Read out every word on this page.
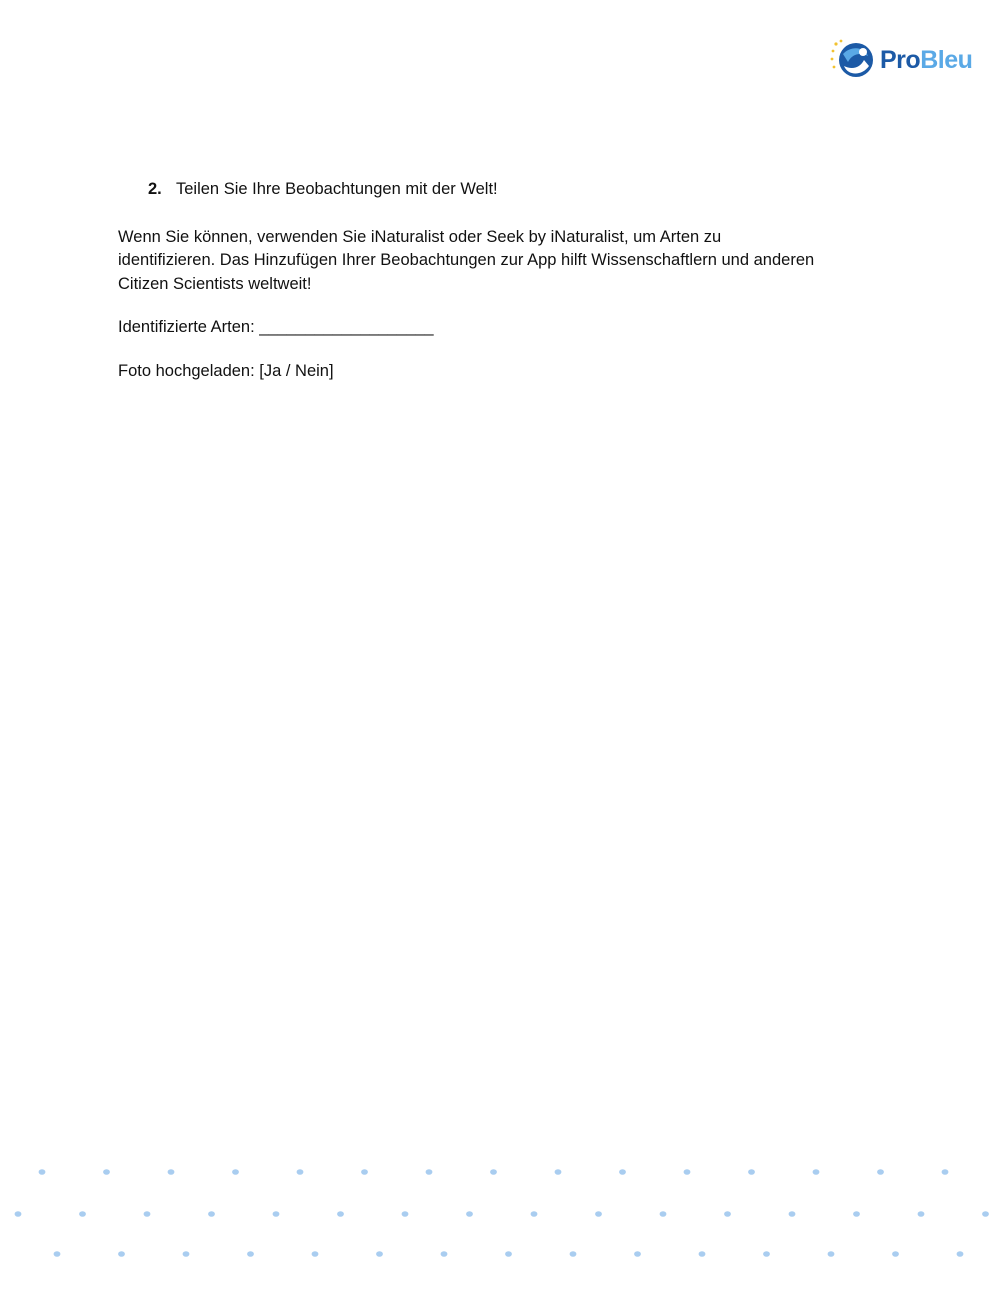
ProBleu
2. Teilen Sie Ihre Beobachtungen mit der Welt!

Wenn Sie können, verwenden Sie iNaturalist oder Seek by iNaturalist, um Arten zu
identifizieren. Das Hinzufügen Ihrer Beobachtungen zur App hilft Wissenschaftlern und anderen
Citizen Scientists weltweit!

Identifizierte Arten: ___________________

Foto hochgeladen: [Ja / Nein]
